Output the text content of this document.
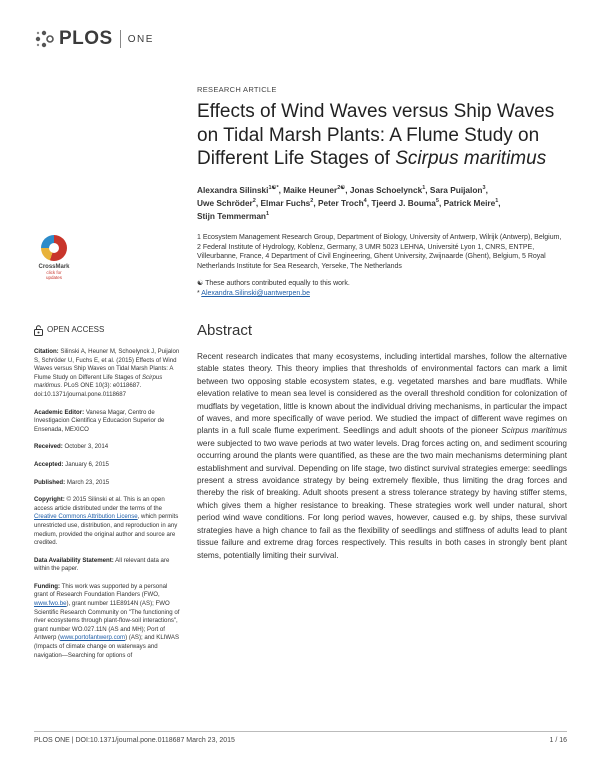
PLOS ONE
RESEARCH ARTICLE
Effects of Wind Waves versus Ship Waves on Tidal Marsh Plants: A Flume Study on Different Life Stages of Scirpus maritimus
Alexandra Silinski$^{1☯*}$, Maike Heuner$^{2☯}$, Jonas Schoelynck$^1$, Sara Puijalon$^3$,
Uwe Schröder$^2$, Elmar Fuchs$^2$, Peter Troch$^4$, Tjeerd J. Bouma$^5$, Patrick Meire$^1$,
Stijn Temmerman$^1$
1 Ecosystem Management Research Group, Department of Biology, University of Antwerp, Wilrijk (Antwerp), Belgium, 2 Federal Institute of Hydrology, Koblenz, Germany, 3 UMR 5023 LEHNA, Université Lyon 1, CNRS, ENTPE, Villeurbanne, France, 4 Department of Civil Engineering, Ghent University, Zwijnaarde (Ghent), Belgium, 5 Royal Netherlands Institute for Sea Research, Yerseke, The Netherlands
☯ These authors contributed equally to this work.
* Alexandra.Silinski@uantwerpen.be
CrossMark
click for updates
OPEN ACCESS

Citation: Silinski A, Heuner M, Schoelynck J, Puijalon S, Schröder U, Fuchs E, et al. (2015) Effects of Wind Waves versus Ship Waves on Tidal Marsh Plants: A Flume Study on Different Life Stages of Scirpus maritimus. PLoS ONE 10(3): e0118687. doi:10.1371/journal.pone.0118687

Academic Editor: Vanesa Magar, Centro de Investigacion Cientifica y Educacion Superior de Ensenada, MEXICO

Received: October 3, 2014

Accepted: January 6, 2015

Published: March 23, 2015

Copyright: © 2015 Silinski et al. This is an open access article distributed under the terms of the Creative Commons Attribution License, which permits unrestricted use, distribution, and reproduction in any medium, provided the original author and source are credited.

Data Availability Statement: All relevant data are within the paper.

Funding: This work was supported by a personal grant of Research Foundation Flanders (FWO, www.fwo.be), grant number 11E8914N (AS); FWO Scientific Research Community on "The functioning of river ecosystems through plant-flow-soil interactions", grant number WO.027.11N (AS and MH); Port of Antwerp (www.portofantwerp.com) (AS); and KLIWAS (Impacts of climate change on waterways and navigation—Searching for options of

Abstract
Recent research indicates that many ecosystems, including intertidal marshes, follow the alternative stable states theory. This theory implies that thresholds of environmental factors can mark a limit between two opposing stable ecosystem states, e.g. vegetated marshes and bare mudflats. While elevation relative to mean sea level is considered as the overall threshold condition for colonization of mudflats by vegetation, little is known about the individual driving mechanisms, in particular the impact of waves, and more specifically of wave period. We studied the impact of different wave regimes on plants in a full scale flume experiment. Seedlings and adult shoots of the pioneer Scirpus maritimus were subjected to two wave periods at two water levels. Drag forces acting on, and sediment scouring occurring around the plants were quantified, as these are the two main mechanisms determining plant establishment and survival. Depending on life stage, two distinct survival strategies emerge: seedlings present a stress avoidance strategy by being extremely flexible, thus limiting the drag forces and thereby the risk of breaking. Adult shoots present a stress tolerance strategy by having stiffer stems, which gives them a higher resistance to breaking. These strategies work well under natural, short period wind wave conditions. For long period waves, however, caused e.g. by ships, these survival strategies have a high chance to fail as the flexibility of seedlings and stiffness of adults lead to plant tissue failure and extreme drag forces respectively. This results in both cases in strongly bent plant stems, potentially limiting their survival.
PLOS ONE | DOI:10.1371/journal.pone.0118687 March 23, 2015	1 / 16
